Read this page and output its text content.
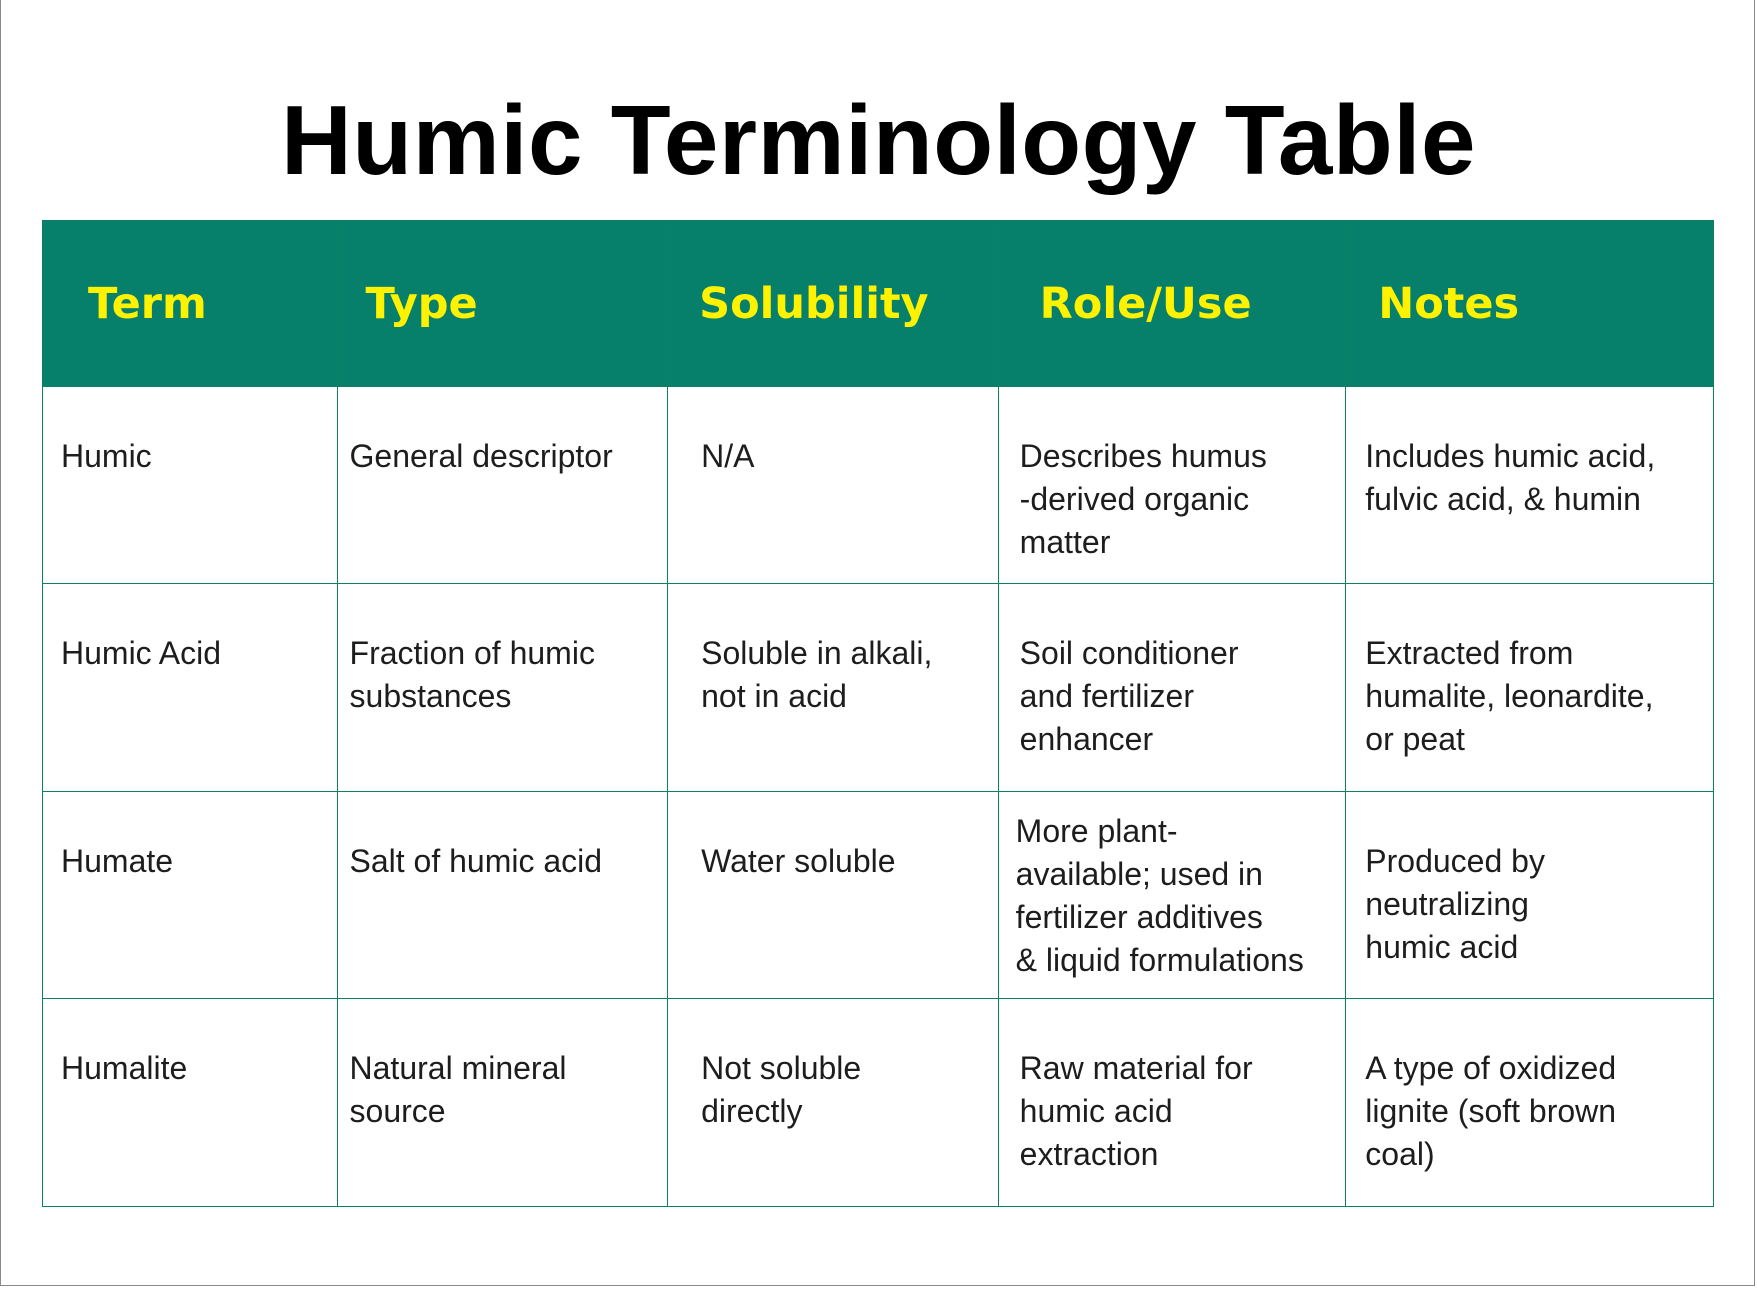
Humic Terminology Table
Term	Type	Solubility	Role/Use	Notes

Humic	General descriptor	N/A	Describes humus
-derived organic
matter	Includes humic acid,
fulvic acid, & humin

Humic Acid	Fraction of humic
substances	Soluble in alkali,
not in acid	Soil conditioner
and fertilizer
enhancer	Extracted from
humalite, leonardite,
or peat

Humate	Salt of humic acid	Water soluble	More plant-
available; used in
fertilizer additives
& liquid formulations	Produced by
neutralizing
humic acid

Humalite	Natural mineral
source	Not soluble
directly	Raw material for
humic acid
extraction	A type of oxidized
lignite (soft brown
coal)
